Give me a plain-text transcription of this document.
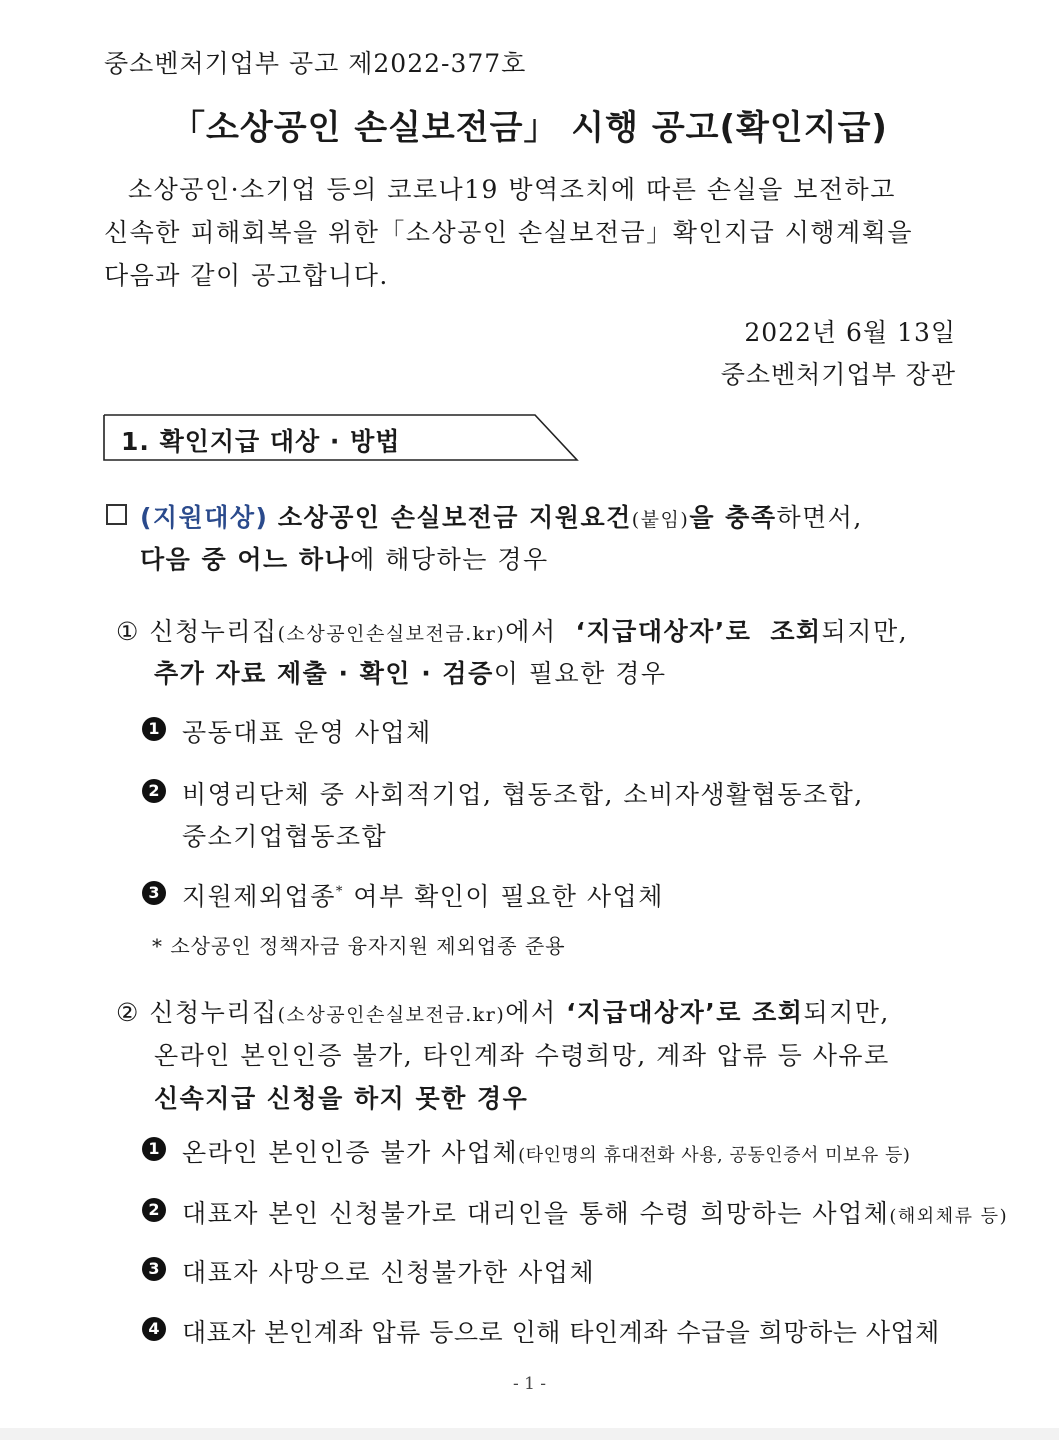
중소벤처기업부 공고 제2022-377호
「소상공인 손실보전금」 시행 공고(확인지급)
소상공인·소기업 등의 코로나19 방역조치에 따른 손실을 보전하고
신속한 피해회복을 위한「소상공인 손실보전금」확인지급 시행계획을
다음과 같이 공고합니다.
2022년 6월 13일
중소벤처기업부 장관
1. 확인지급 대상 · 방법
(지원대상) 소상공인 손실보전금 지원요건(붙임)을 충족하면서,
다음 중 어느 하나에 해당하는 경우
① 신청누리집(소상공인손실보전금.kr)에서 ‘지급대상자’로 조회되지만,
추가 자료 제출 · 확인 · 검증이 필요한 경우
1 공동대표 운영 사업체
2 비영리단체 중 사회적기업, 협동조합, 소비자생활협동조합,
중소기업협동조합
3 지원제외업종* 여부 확인이 필요한 사업체
* 소상공인 정책자금 융자지원 제외업종 준용
② 신청누리집(소상공인손실보전금.kr)에서 ‘지급대상자’로 조회되지만,
온라인 본인인증 불가, 타인계좌 수령희망, 계좌 압류 등 사유로
신속지급 신청을 하지 못한 경우
1 온라인 본인인증 불가 사업체(타인명의 휴대전화 사용, 공동인증서 미보유 등)
2 대표자 본인 신청불가로 대리인을 통해 수령 희망하는 사업체(해외체류 등)
3 대표자 사망으로 신청불가한 사업체
4 대표자 본인계좌 압류 등으로 인해 타인계좌 수급을 희망하는 사업체
- 1 -
